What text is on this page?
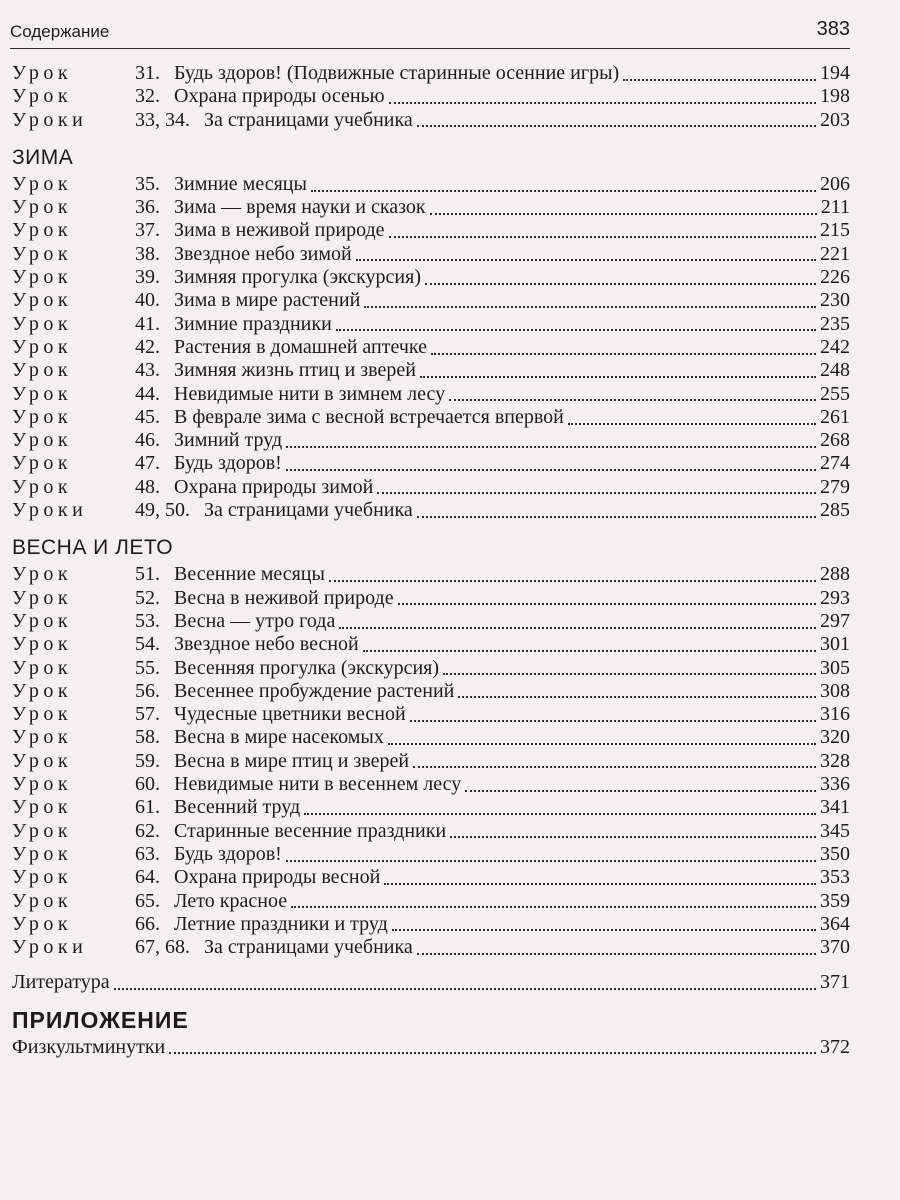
Содержание	383
Урок	31. Будь здоров! (Подвижные старинные осенние игры)	194
Урок	32. Охрана природы осенью	198
Уроки	33, 34. За страницами учебника	203
ЗИМА
Урок	35. Зимние месяцы	206
Урок	36. Зима — время науки и сказок	211
Урок	37. Зима в неживой природе	215
Урок	38. Звездное небо зимой	221
Урок	39. Зимняя прогулка (экскурсия)	226
Урок	40. Зима в мире растений	230
Урок	41. Зимние праздники	235
Урок	42. Растения в домашней аптечке	242
Урок	43. Зимняя жизнь птиц и зверей	248
Урок	44. Невидимые нити в зимнем лесу	255
Урок	45. В феврале зима с весной встречается впервой	261
Урок	46. Зимний труд	268
Урок	47. Будь здоров!	274
Урок	48. Охрана природы зимой	279
Уроки	49, 50. За страницами учебника	285
ВЕСНА И ЛЕТО
Урок	51. Весенние месяцы	288
Урок	52. Весна в неживой природе	293
Урок	53. Весна — утро года	297
Урок	54. Звездное небо весной	301
Урок	55. Весенняя прогулка (экскурсия)	305
Урок	56. Весеннее пробуждение растений	308
Урок	57. Чудесные цветники весной	316
Урок	58. Весна в мире насекомых	320
Урок	59. Весна в мире птиц и зверей	328
Урок	60. Невидимые нити в весеннем лесу	336
Урок	61. Весенний труд	341
Урок	62. Старинные весенние праздники	345
Урок	63. Будь здоров!	350
Урок	64. Охрана природы весной	353
Урок	65. Лето красное	359
Урок	66. Летние праздники и труд	364
Уроки	67, 68. За страницами учебника	370
Литература	371
ПРИЛОЖЕНИЕ
Физкультминутки	372
